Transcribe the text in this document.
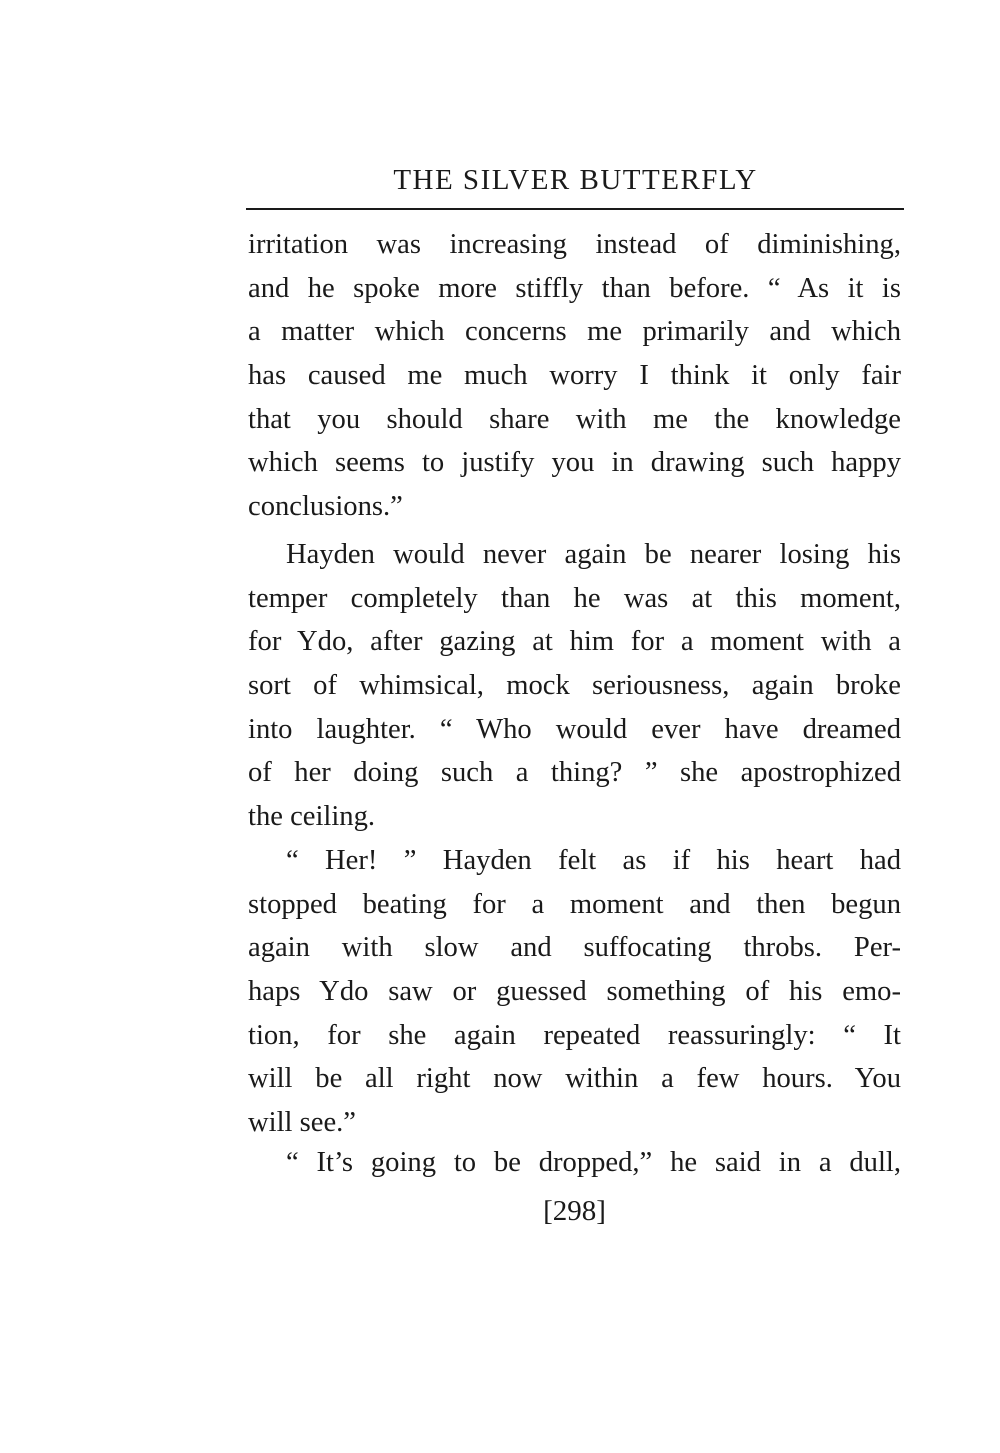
THE SILVER BUTTERFLY
irritation was increasing instead of diminishing,
and he spoke more stiffly than before. “ As it is
a matter which concerns me primarily and which
has caused me much worry I think it only fair
that you should share with me the knowledge
which seems to justify you in drawing such happy
conclusions.”
Hayden would never again be nearer losing his
temper completely than he was at this moment,
for Ydo, after gazing at him for a moment with a
sort of whimsical, mock seriousness, again broke
into laughter. “ Who would ever have dreamed
of her doing such a thing? ” she apostrophized
the ceiling.
“ Her! ” Hayden felt as if his heart had
stopped beating for a moment and then begun
again with slow and suffocating throbs. Per-
haps Ydo saw or guessed something of his emo-
tion, for she again repeated reassuringly: “ It
will be all right now within a few hours. You
will see.”
“ It’s going to be dropped,” he said in a dull,
[298]
